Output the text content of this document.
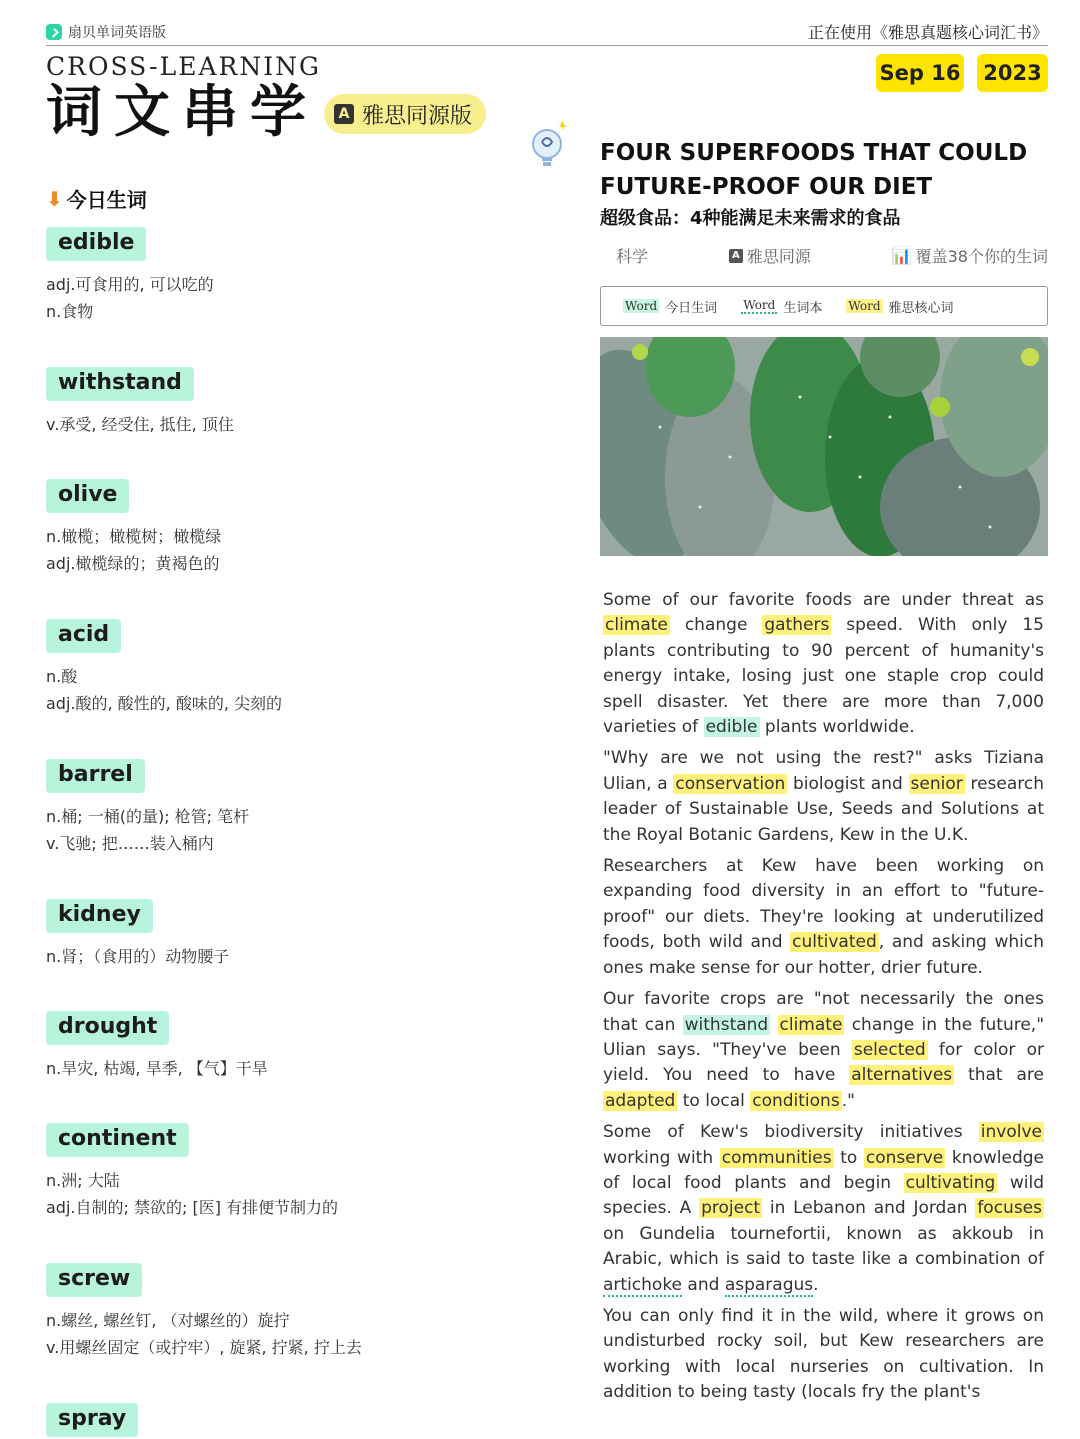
扇贝单词英语版	正在使用《雅思真题核心词汇书》
CROSS-LEARNING
词文串学	A 雅思同源版
Sep 16 2023
⬇ 今日生词
edible
adj.可食用的, 可以吃的
n.食物
withstand
v.承受, 经受住, 抵住, 顶住
olive
n.橄榄；橄榄树；橄榄绿
adj.橄榄绿的；黄褐色的
acid
n.酸
adj.酸的, 酸性的, 酸味的, 尖刻的
barrel
n.桶; 一桶(的量); 枪管; 笔杆
v.飞驰; 把……装入桶内
kidney
n.肾；（食用的）动物腰子
drought
n.旱灾, 枯竭, 旱季, 【气】干旱
continent
n.洲; 大陆
adj.自制的; 禁欲的; [医] 有排便节制力的
screw
n.螺丝, 螺丝钉, （对螺丝的）旋拧
v.用螺丝固定（或拧牢）, 旋紧, 拧紧, 拧上去
spray
FOUR SUPERFOODS THAT COULD FUTURE-PROOF OUR DIET
超级食品：4种能满足未来需求的食品
科学	A 雅思同源	📊 覆盖38个你的生词
Word 今日生词 Word 生词本 Word 雅思核心词

Some of our favorite foods are under threat as climate change gathers speed. With only 15 plants contributing to 90 percent of humanity's energy intake, losing just one staple crop could spell disaster. Yet there are more than 7,000 varieties of edible plants worldwide.

"Why are we not using the rest?" asks Tiziana Ulian, a conservation biologist and senior research leader of Sustainable Use, Seeds and Solutions at the Royal Botanic Gardens, Kew in the U.K.

Researchers at Kew have been working on expanding food diversity in an effort to "future-proof" our diets. They're looking at underutilized foods, both wild and cultivated , and asking which ones make sense for our hotter, drier future.

Our favorite crops are "not necessarily the ones that can withstand climate change in the future," Ulian says. "They've been selected for color or yield. You need to have alternatives that are adapted to local conditions ."

Some of Kew's biodiversity initiatives involve working with communities to conserve knowledge of local food plants and begin cultivating wild species. A project in Lebanon and Jordan focuses on Gundelia tournefortii, known as akkoub in Arabic, which is said to taste like a combination of artichoke and asparagus.

You can only find it in the wild, where it grows on undisturbed rocky soil, but Kew researchers are working with local nurseries on cultivation. In addition to being tasty (locals fry the plant's
